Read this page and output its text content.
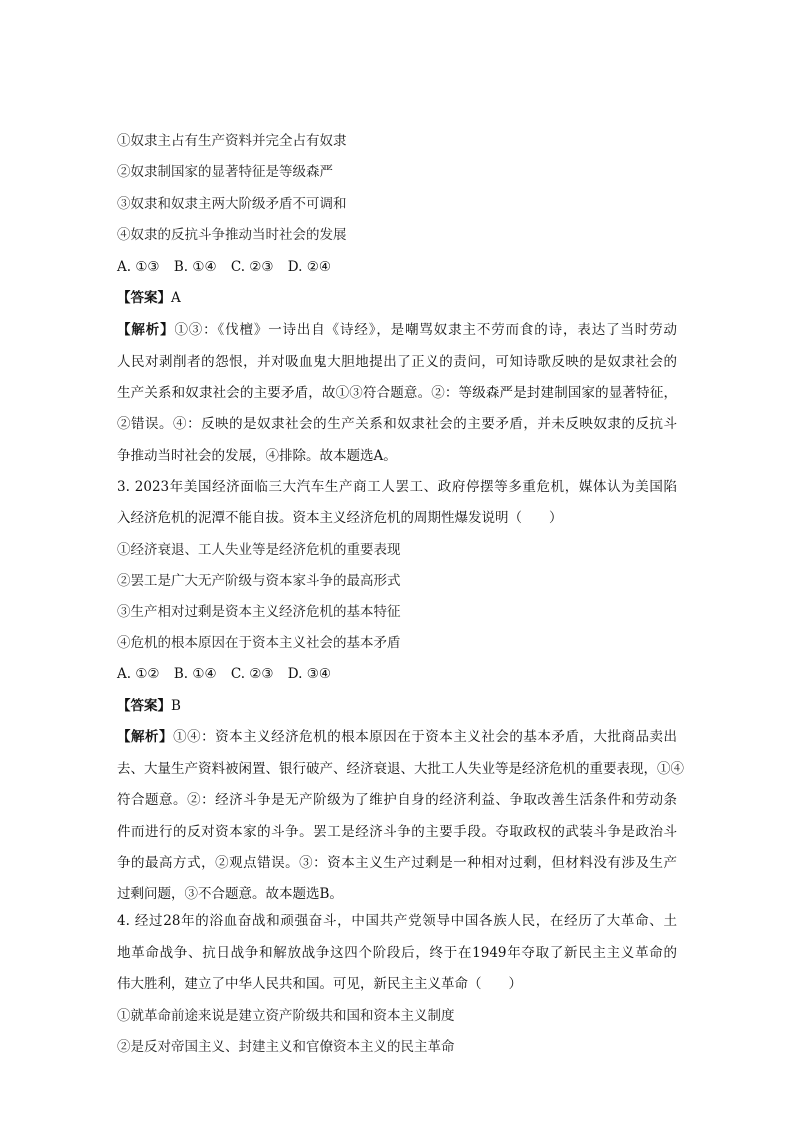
①奴隶主占有生产资料并完全占有奴隶
②奴隶制国家的显著特征是等级森严
③奴隶和奴隶主两大阶级矛盾不可调和
④奴隶的反抗斗争推动当时社会的发展
A. ①③ B. ①④ C. ②③ D. ②④
【答案】A
【解析】①③：《伐檀》一诗出自《诗经》，是嘲骂奴隶主不劳而食的诗，表达了当时劳动
人民对剥削者的怨恨，并对吸血鬼大胆地提出了正义的责问，可知诗歌反映的是奴隶社会的
生产关系和奴隶社会的主要矛盾，故①③符合题意。②：等级森严是封建制国家的显著特征，
②错误。④：反映的是奴隶社会的生产关系和奴隶社会的主要矛盾，并未反映奴隶的反抗斗
争推动当时社会的发展，④排除。故本题选A。
3. 2023年美国经济面临三大汽车生产商工人罢工、政府停摆等多重危机，媒体认为美国陷
入经济危机的泥潭不能自拔。资本主义经济危机的周期性爆发说明（　　）
①经济衰退、工人失业等是经济危机的重要表现
②罢工是广大无产阶级与资本家斗争的最高形式
③生产相对过剩是资本主义经济危机的基本特征
④危机的根本原因在于资本主义社会的基本矛盾
A. ①② B. ①④ C. ②③ D. ③④
【答案】B
【解析】①④：资本主义经济危机的根本原因在于资本主义社会的基本矛盾，大批商品卖出
去、大量生产资料被闲置、银行破产、经济衰退、大批工人失业等是经济危机的重要表现，①④
符合题意。②：经济斗争是无产阶级为了维护自身的经济利益、争取改善生活条件和劳动条
件而进行的反对资本家的斗争。罢工是经济斗争的主要手段。夺取政权的武装斗争是政治斗
争的最高方式，②观点错误。③：资本主义生产过剩是一种相对过剩，但材料没有涉及生产
过剩问题，③不合题意。故本题选B。
4. 经过28年的浴血奋战和顽强奋斗，中国共产党领导中国各族人民，在经历了大革命、土
地革命战争、抗日战争和解放战争这四个阶段后，终于在1949年夺取了新民主主义革命的
伟大胜利，建立了中华人民共和国。可见，新民主主义革命（　　）
①就革命前途来说是建立资产阶级共和国和资本主义制度
②是反对帝国主义、封建主义和官僚资本主义的民主革命
